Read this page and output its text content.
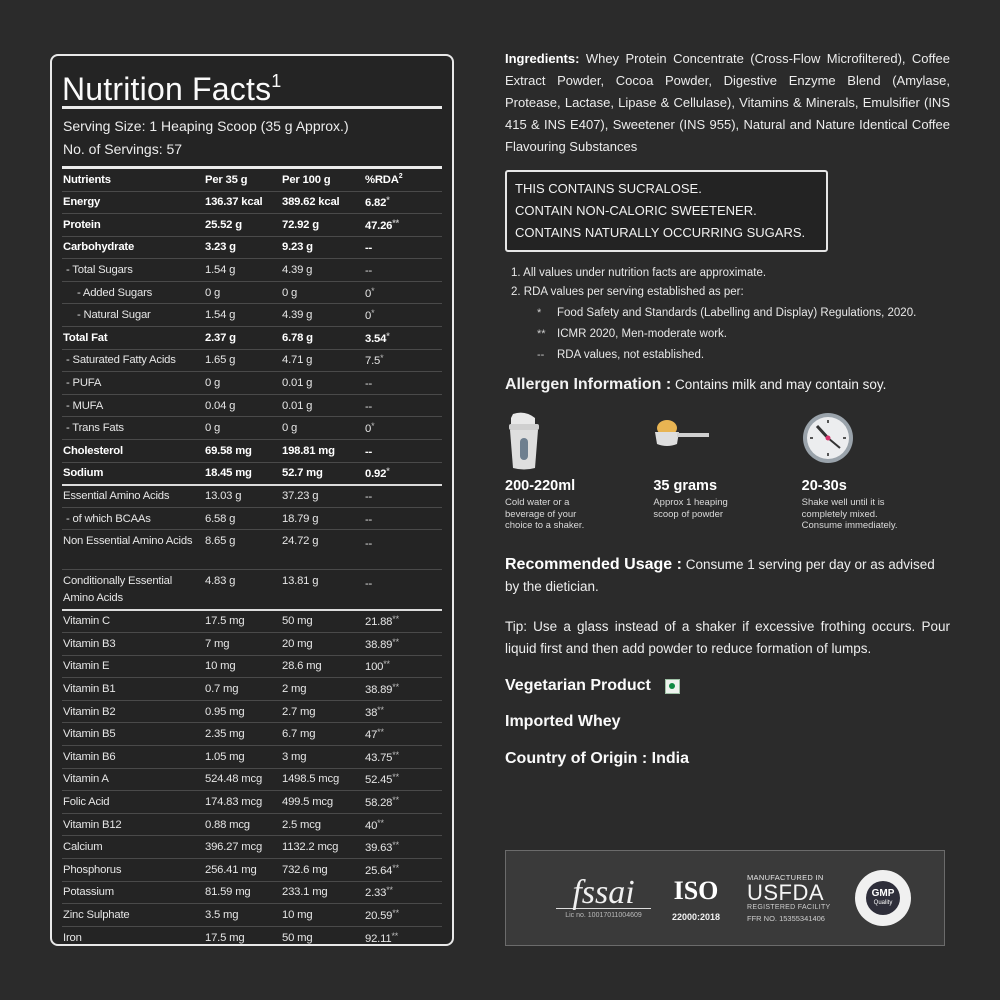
Nutrition Facts$^1$
Serving Size: 1 Heaping Scoop (35 g Approx.)
No. of Servings: 57
Nutrients	Per 35 g	Per 100 g	%RDA$^2$
Energy	136.37 kcal	389.62 kcal	6.82*
Protein	25.52 g	72.92 g	47.26**
Carbohydrate	3.23 g	9.23 g	--
- Total Sugars	1.54 g	4.39 g	--
- Added Sugars	0 g	0 g	0*
- Natural Sugar	1.54 g	4.39 g	0*
Total Fat	2.37 g	6.78 g	3.54*
- Saturated Fatty Acids	1.65 g	4.71 g	7.5*
- PUFA	0 g	0.01 g	--
- MUFA	0.04 g	0.01 g	--
- Trans Fats	0 g	0 g	0*
Cholesterol	69.58 mg	198.81 mg	--
Sodium	18.45 mg	52.7 mg	0.92*
Essential Amino Acids	13.03 g	37.23 g	--
- of which BCAAs	6.58 g	18.79 g	--
Non Essential Amino Acids	8.65 g	24.72 g	--
Conditionally Essential Amino Acids	4.83 g	13.81 g	--
Vitamin C	17.5 mg	50 mg	21.88**
Vitamin B3	7 mg	20 mg	38.89**
Vitamin E	10 mg	28.6 mg	100**
Vitamin B1	0.7 mg	2 mg	38.89**
Vitamin B2	0.95 mg	2.7 mg	38**
Vitamin B5	2.35 mg	6.7 mg	47**
Vitamin B6	1.05 mg	3 mg	43.75**
Vitamin A	524.48 mcg	1498.5 mcg	52.45**
Folic Acid	174.83 mcg	499.5 mcg	58.28**
Vitamin B12	0.88 mcg	2.5 mcg	40**
Calcium	396.27 mcg	1132.2 mcg	39.63**
Phosphorus	256.41 mg	732.6 mg	25.64**
Potassium	81.59 mg	233.1 mg	2.33**
Zinc Sulphate	3.5 mg	10 mg	20.59**
Iron	17.5 mg	50 mg	92.11**
Ingredients: Whey Protein Concentrate (Cross-Flow Microfiltered), Coffee Extract Powder, Cocoa Powder, Digestive Enzyme Blend (Amylase, Protease, Lactase, Lipase & Cellulase), Vitamins & Minerals, Emulsifier (INS 415 & INS E407), Sweetener (INS 955), Natural and Nature Identical Coffee Flavouring Substances
THIS CONTAINS SUCRALOSE.
CONTAIN NON-CALORIC SWEETENER.
CONTAINS NATURALLY OCCURRING SUGARS.
1. All values under nutrition facts are approximate.
2. RDA values per serving established as per:
*	Food Safety and Standards (Labelling and Display) Regulations, 2020.
** ICMR 2020, Men-moderate work.
--	RDA values, not established.
Allergen Information : Contains milk and may contain soy.
200-220ml
Cold water or a beverage of your choice to a shaker.
35 grams
Approx 1 heaping scoop of powder
20-30s
Shake well until it is completely mixed. Consume immediately.
Recommended Usage : Consume 1 serving per day or as advised by the dietician.
Tip: Use a glass instead of a shaker if excessive frothing occurs. Pour liquid first and then add powder to reduce formation of lumps.
Vegetarian Product
Imported Whey
Country of Origin : India
fssai
Lic no. 10017011004609
ISO
22000:2018
MANUFACTURED IN
USFDA
REGISTERED FACILITY
FFR NO. 15355341406
GMP
Quality
